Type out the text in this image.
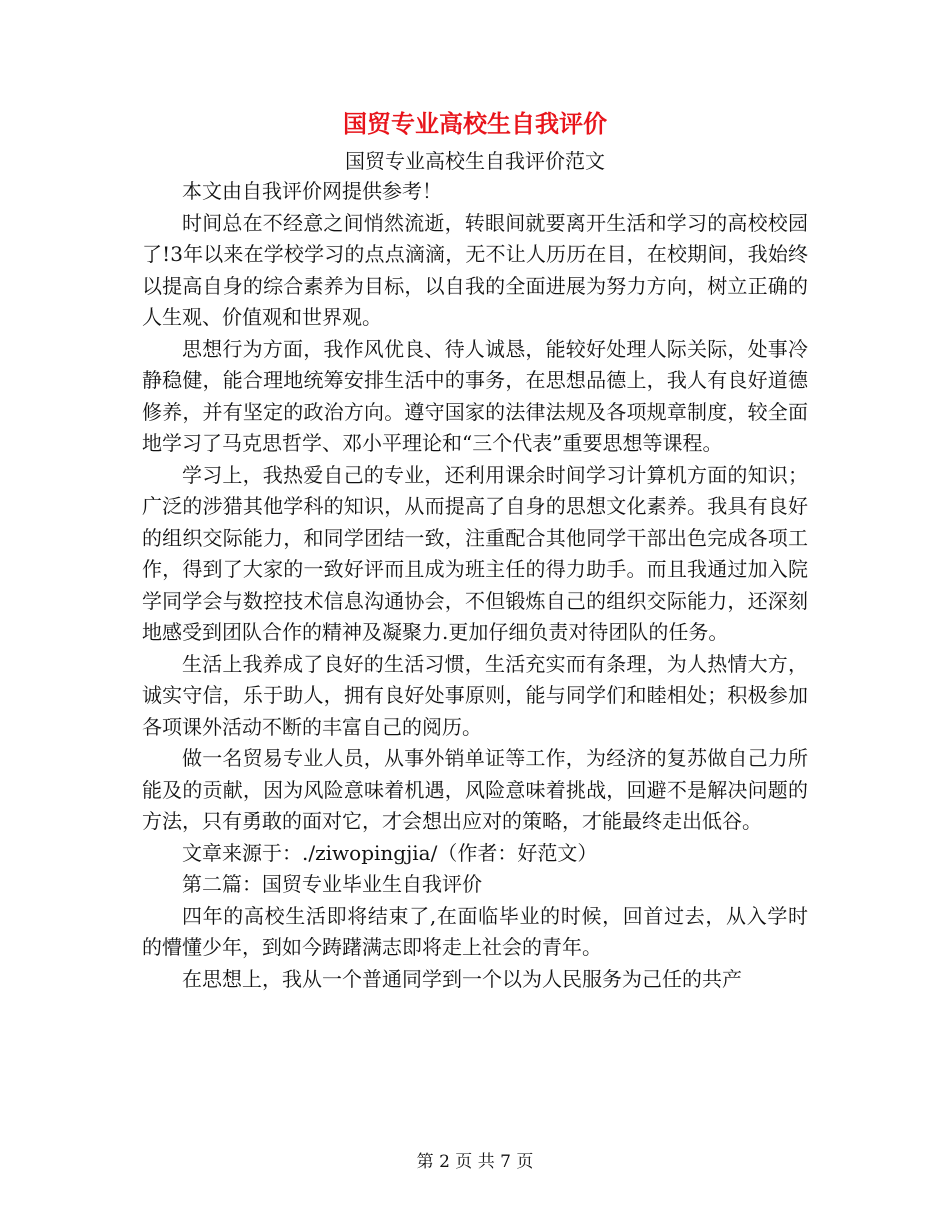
国贸专业高校生自我评价
国贸专业高校生自我评价范文

本文由自我评价网提供参考！

时间总在不经意之间悄然流逝，转眼间就要离开生活和学习的高校校园了!3年以来在学校学习的点点滴滴，无不让人历历在目，在校期间，我始终以提高自身的综合素养为目标，以自我的全面进展为努力方向，树立正确的人生观、价值观和世界观。

思想行为方面，我作风优良、待人诚恳，能较好处理人际关际，处事冷静稳健，能合理地统筹安排生活中的事务，在思想品德上，我人有良好道德修养，并有坚定的政治方向。遵守国家的法律法规及各项规章制度，较全面地学习了马克思哲学、邓小平理论和“三个代表”重要思想等课程。

学习上，我热爱自己的专业，还利用课余时间学习计算机方面的知识；广泛的涉猎其他学科的知识，从而提高了自身的思想文化素养。我具有良好的组织交际能力，和同学团结一致，注重配合其他同学干部出色完成各项工作，得到了大家的一致好评而且成为班主任的得力助手。而且我通过加入院学同学会与数控技术信息沟通协会，不但锻炼自己的组织交际能力，还深刻地感受到团队合作的精神及凝聚力.更加仔细负责对待团队的任务。

生活上我养成了良好的生活习惯，生活充实而有条理，为人热情大方，诚实守信，乐于助人，拥有良好处事原则，能与同学们和睦相处；积极参加各项课外活动不断的丰富自己的阅历。

做一名贸易专业人员，从事外销单证等工作，为经济的复苏做自己力所能及的贡献，因为风险意味着机遇，风险意味着挑战，回避不是解决问题的方法，只有勇敢的面对它，才会想出应对的策略，才能最终走出低谷。

文章来源于：./ziwopingjia/（作者：好范文）

第二篇：国贸专业毕业生自我评价

四年的高校生活即将结束了,在面临毕业的时候，回首过去，从入学时的懵懂少年，到如今踌躇满志即将走上社会的青年。

在思想上，我从一个普通同学到一个以为人民服务为己任的共产

第 2 页 共 7 页
